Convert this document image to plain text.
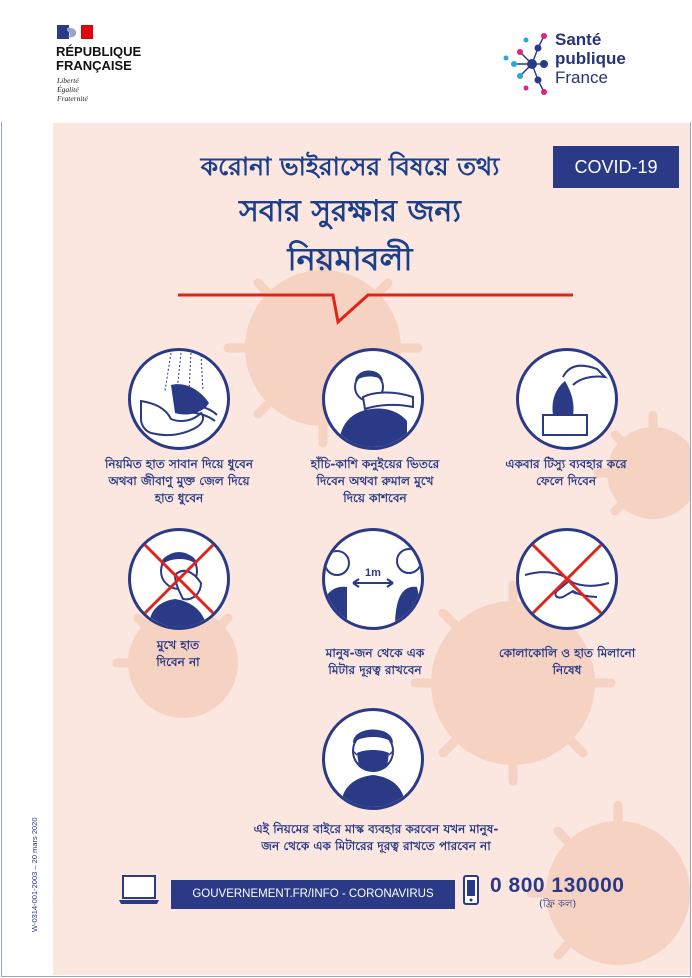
RÉPUBLIQUE
FRANÇAISE
Liberté
Égalité
Fraternité
Santé
publique
France
COVID-19
করোনা ভাইরাসের বিষয়ে তথ্য
সবার সুরক্ষার জন্য
নিয়মাবলী
নিয়মিত হাত সাবান দিয়ে ধুবেন
অথবা জীবাণু মুক্ত জেল দিয়ে
হাত ধুবেন
হাঁচি-কাশি কনুইয়ের ভিতরে
দিবেন অথবা রুমাল মুখে
দিয়ে কাশবেন
একবার টিস্যু ব্যবহার করে
ফেলে দিবেন
মুখে হাত
দিবেন না
1m
মানুষ-জন থেকে এক
মিটার দূরত্ব রাখবেন
কোলাকোলি ও হাত মিলানো
নিষেধ
এই নিয়মের বাইরে মাস্ক ব্যবহার করবেন যখন মানুষ-
জন থেকে এক মিটারের দূরত্ব রাখতে পারবেন না
GOUVERNEMENT.FR/INFO - CORONAVIRUS	0 800 130000
(ফ্রি কল)
W-0314-001-2003 – 20 mars 2020
